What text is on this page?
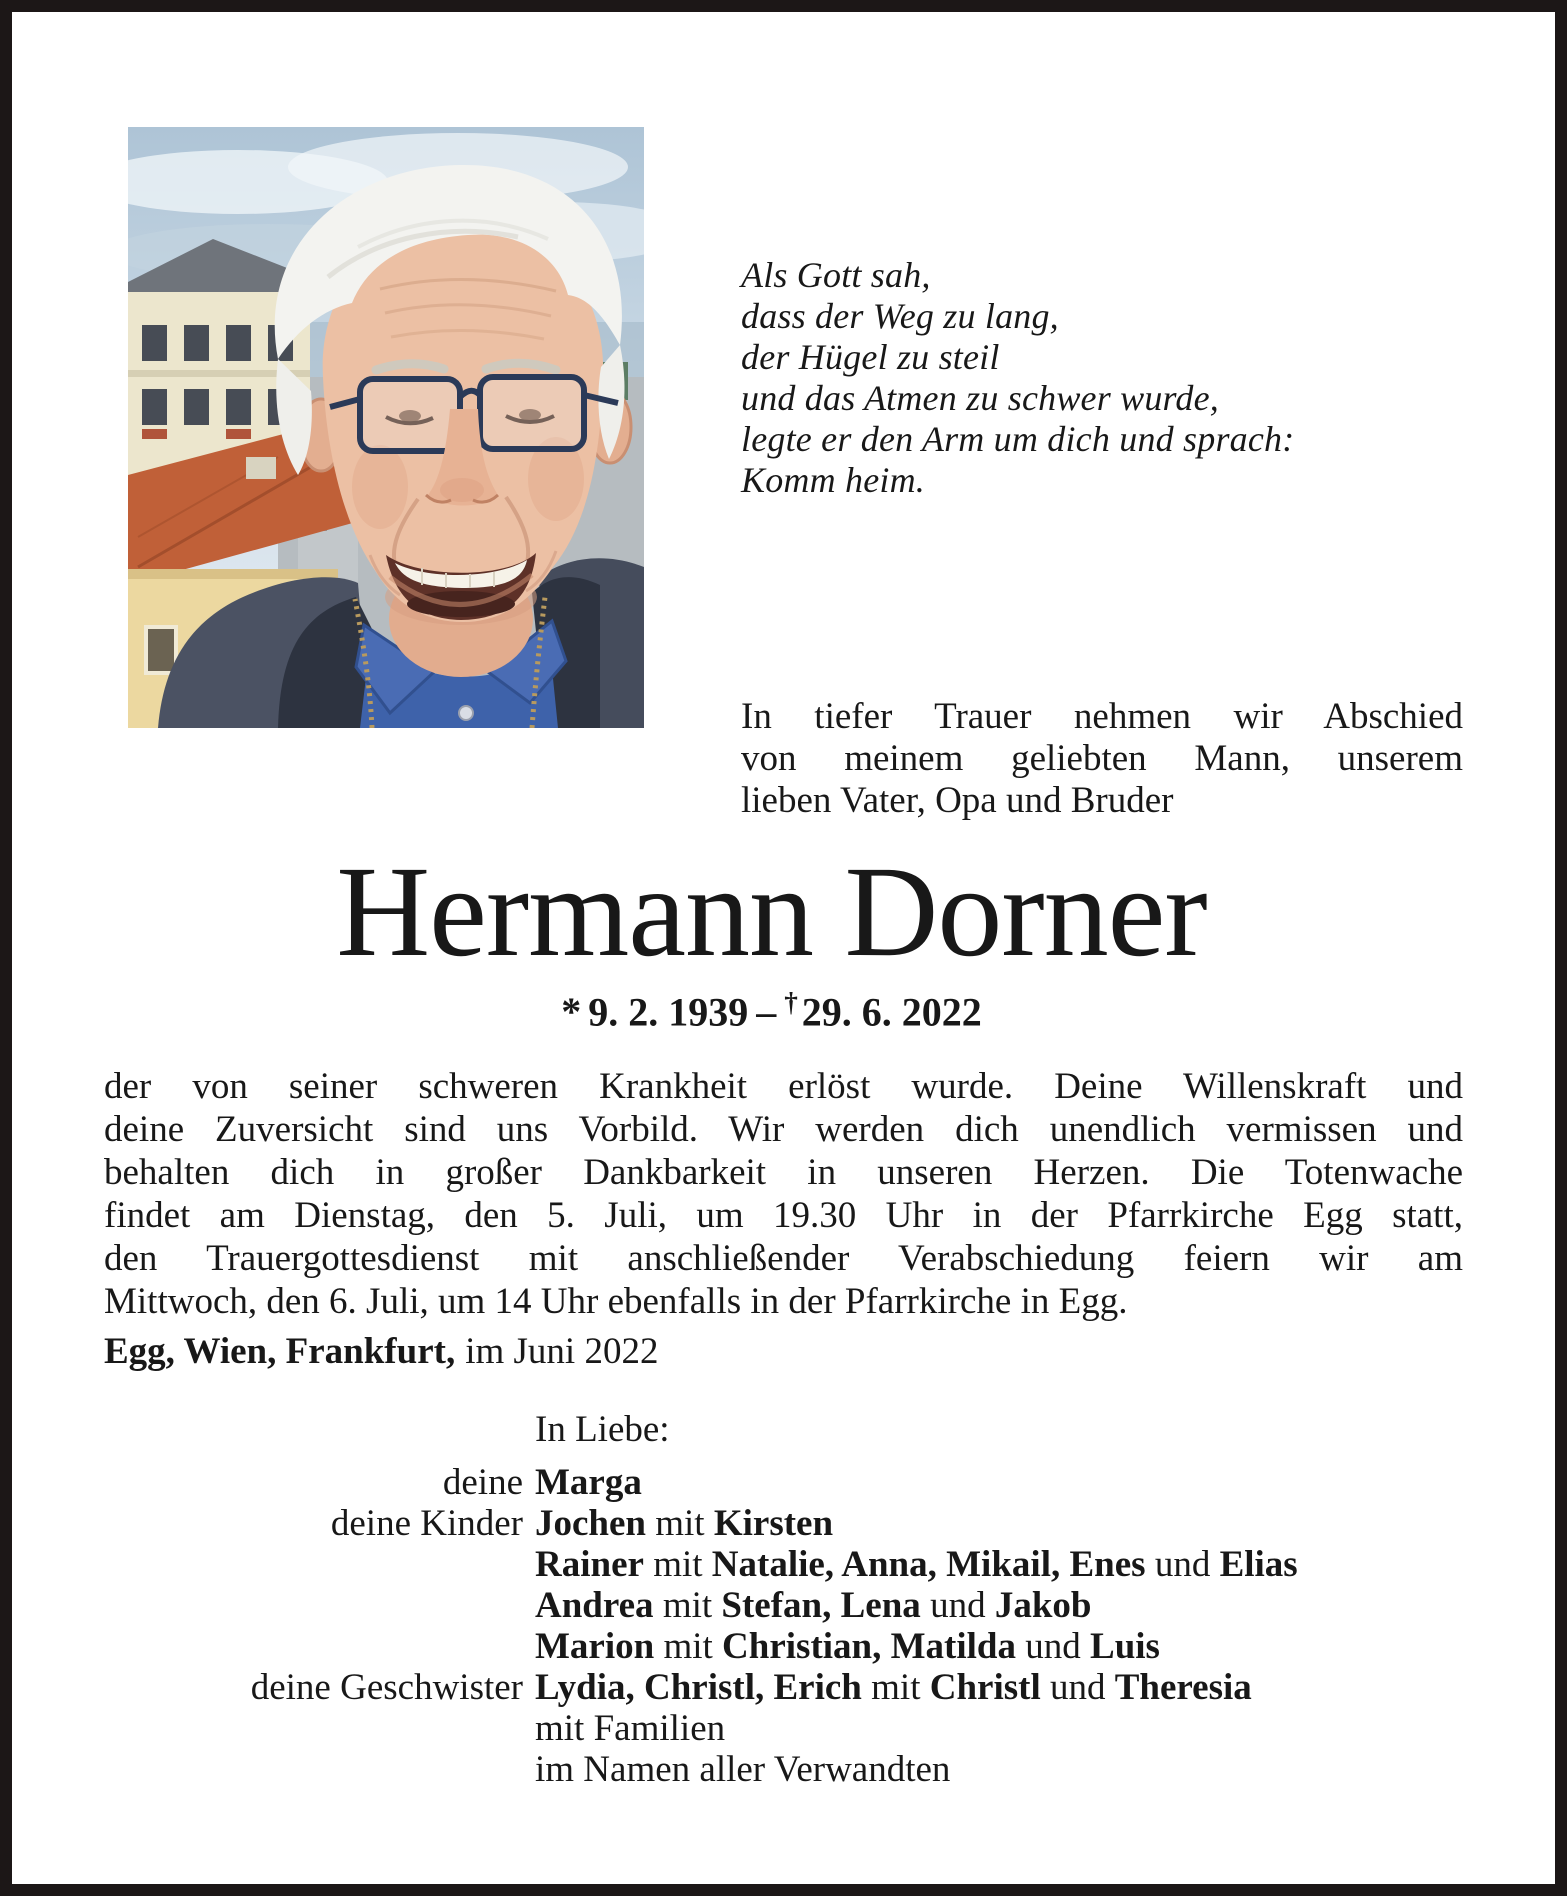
Als Gott sah,
dass der Weg zu lang,
der Hügel zu steil
und das Atmen zu schwer wurde,
legte er den Arm um dich und sprach:
Komm heim.
In tiefer Trauer nehmen wir Abschied
von meinem geliebten Mann, unserem
lieben Vater, Opa und Bruder
Hermann Dorner
* 9. 2. 1939 – † 29. 6. 2022
der von seiner schweren Krankheit erlöst wurde. Deine Willenskraft und
deine Zuversicht sind uns Vorbild. Wir werden dich unendlich vermissen und
behalten dich in großer Dankbarkeit in unseren Herzen. Die Totenwache
findet am Dienstag, den 5. Juli, um 19.30 Uhr in der Pfarrkirche Egg statt,
den Trauergottesdienst mit anschließender Verabschiedung feiern wir am
Mittwoch, den 6. Juli, um 14 Uhr ebenfalls in der Pfarrkirche in Egg.
Egg, Wien, Frankfurt, im Juni 2022
In Liebe:
deine Marga
deine Kinder Jochen mit Kirsten
Rainer mit Natalie, Anna, Mikail, Enes und Elias
Andrea mit Stefan, Lena und Jakob
Marion mit Christian, Matilda und Luis
deine Geschwister Lydia, Christl, Erich mit Christl und Theresia
mit Familien
im Namen aller Verwandten
